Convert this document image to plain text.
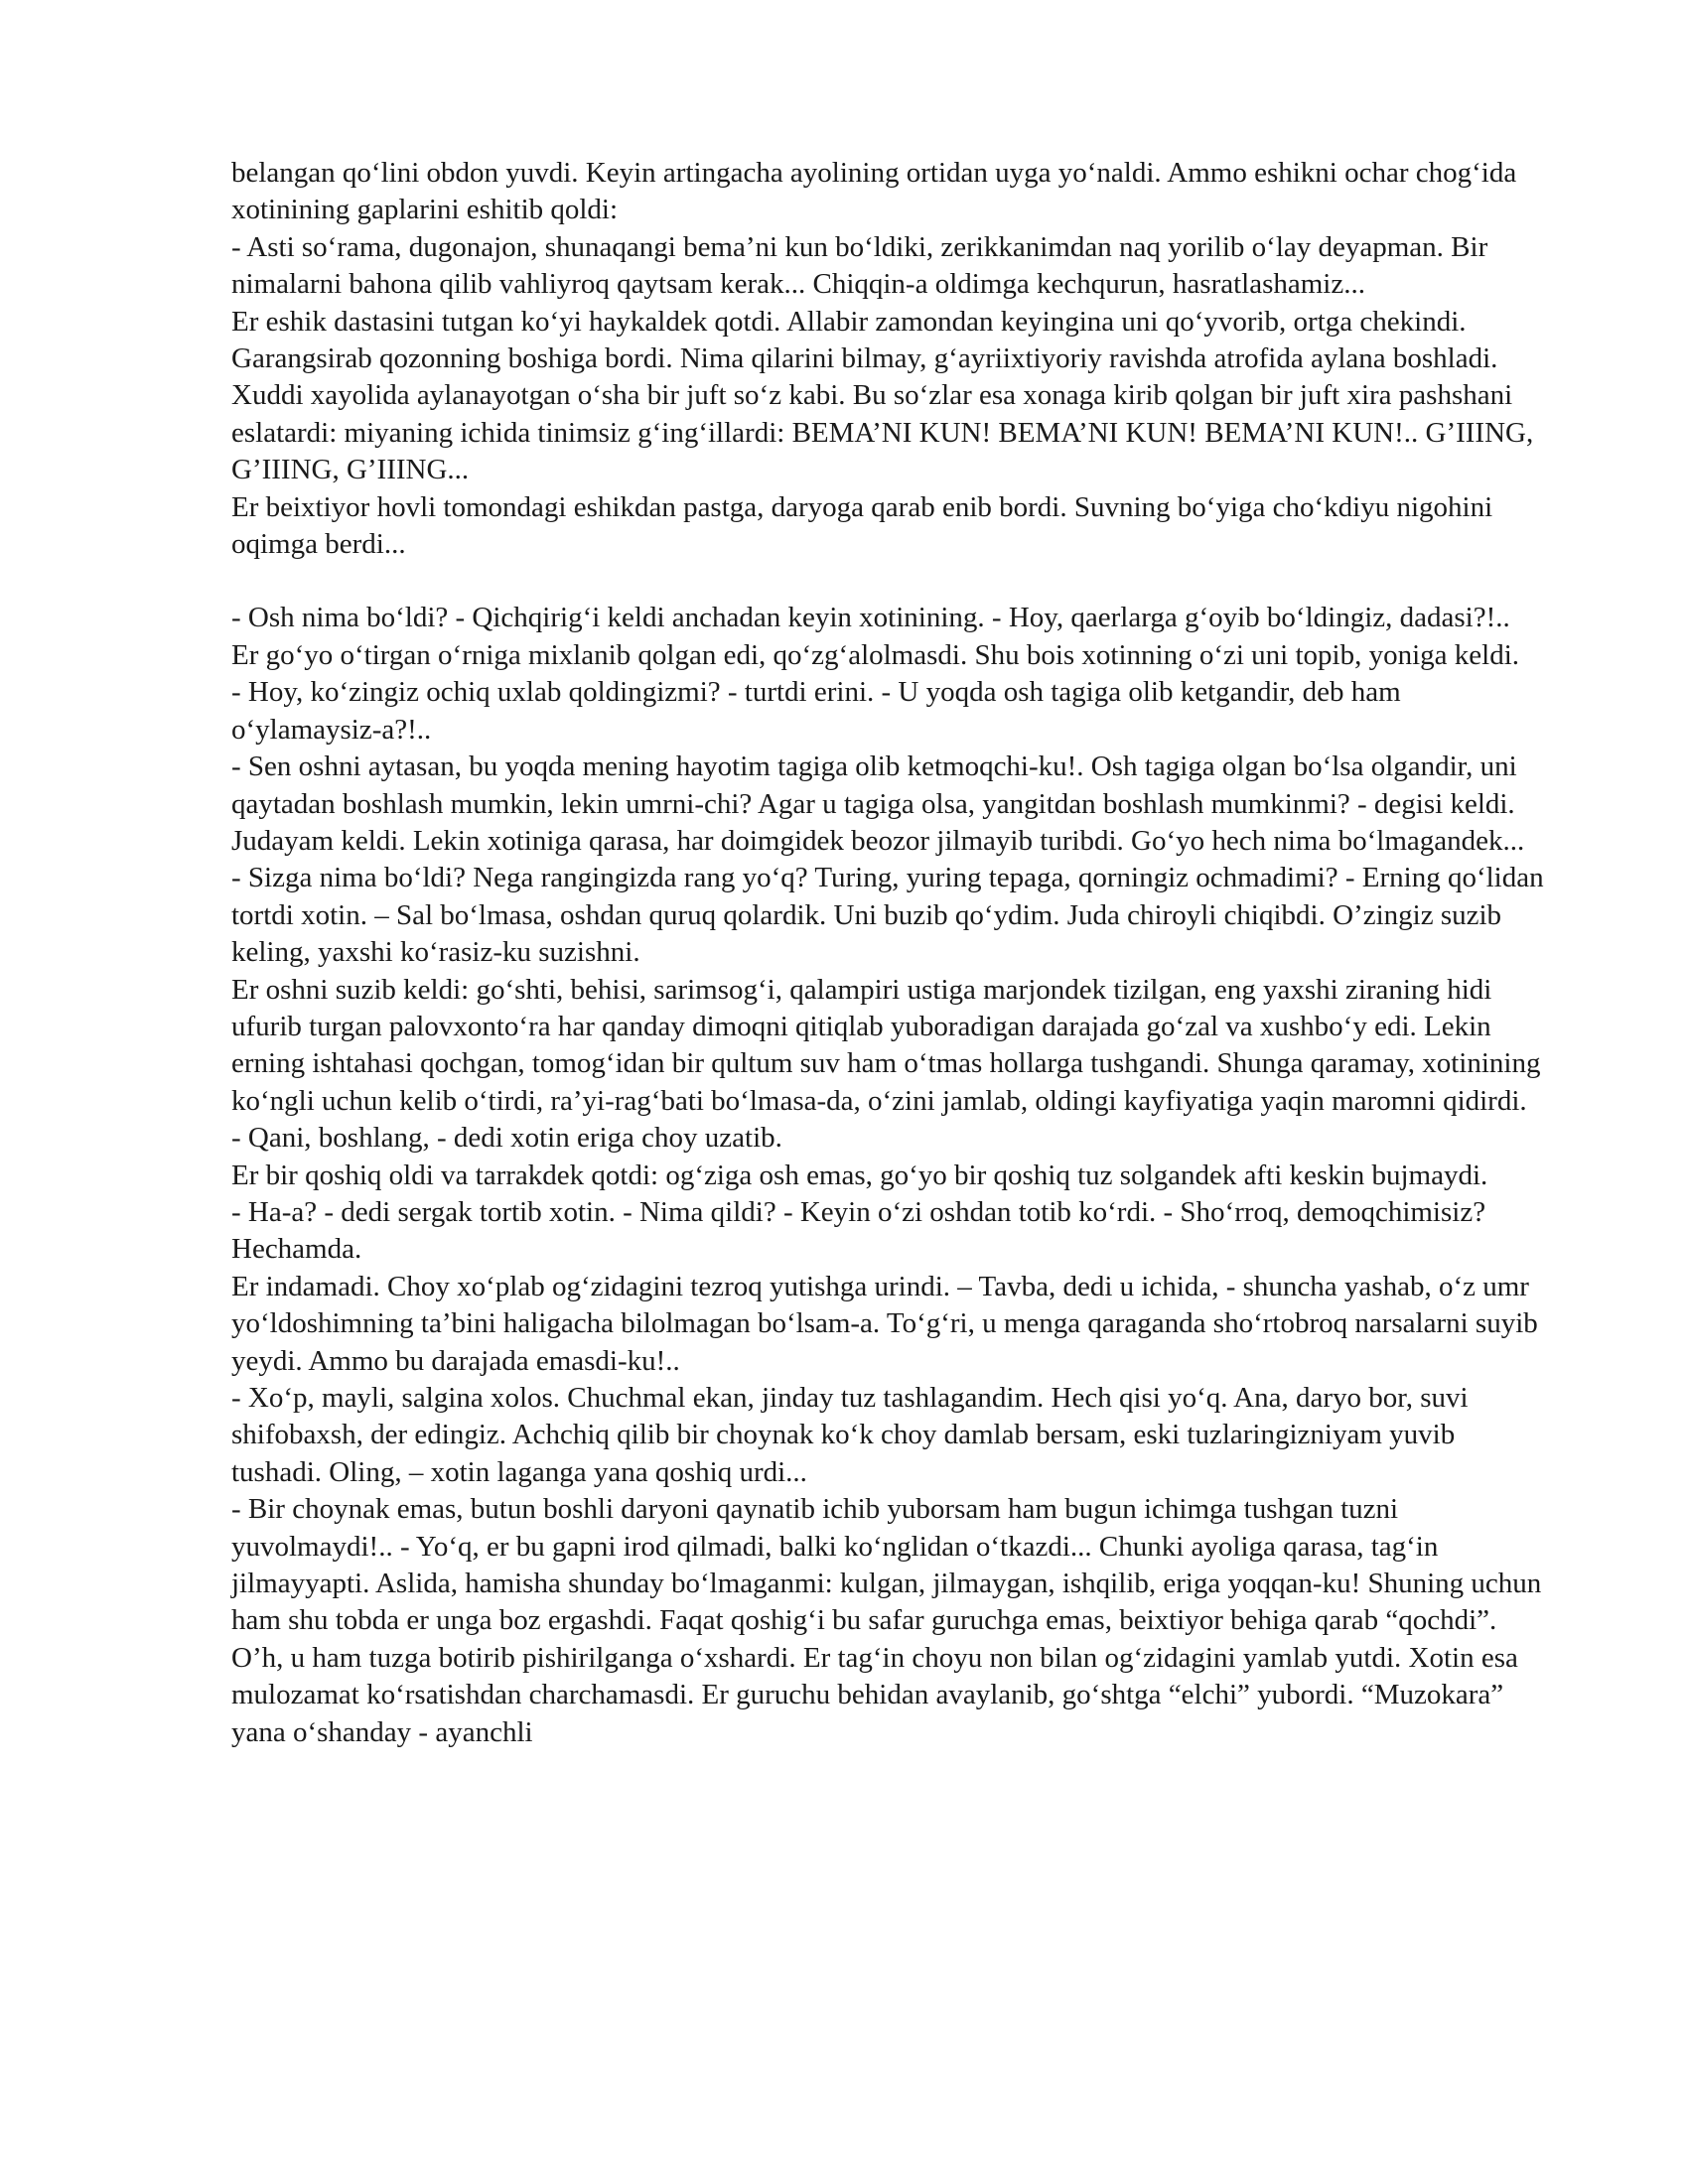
belangan qo‘lini obdon yuvdi. Keyin artingacha ayolining ortidan uyga yo‘naldi. Ammo eshikni ochar chog‘ida xotinining gaplarini eshitib qoldi:

- Asti so‘rama, dugonajon, shunaqangi bema’ni kun bo‘ldiki, zerikkanimdan naq yorilib o‘lay deyapman. Bir nimalarni bahona qilib vahliyroq qaytsam kerak... Chiqqin-a oldimga kechqurun, hasratlashamiz...

Er eshik dastasini tutgan ko‘yi haykaldek qotdi. Allabir zamondan keyingina uni qo‘yvorib, ortga chekindi. Garangsirab qozonning boshiga bordi. Nima qilarini bilmay, g‘ayriixtiyoriy ravishda atrofida aylana boshladi. Xuddi xayolida aylanayotgan o‘sha bir juft so‘z kabi. Bu so‘zlar esa xonaga kirib qolgan bir juft xira pashshani eslatardi: miyaning ichida tinimsiz g‘ing‘illardi: BEMA’NI KUN! BEMA’NI KUN! BEMA’NI KUN!.. G’IIING, G’IIING, G’IIING...

Er beixtiyor hovli tomondagi eshikdan pastga, daryoga qarab enib bordi. Suvning bo‘yiga cho‘kdiyu nigohini oqimga berdi...

- Osh nima bo‘ldi? - Qichqirig‘i keldi anchadan keyin xotinining. - Hoy, qaerlarga g‘oyib bo‘ldingiz, dadasi?!..

Er go‘yo o‘tirgan o‘rniga mixlanib qolgan edi, qo‘zg‘alolmasdi. Shu bois xotinning o‘zi uni topib, yoniga keldi.

- Hoy, ko‘zingiz ochiq uxlab qoldingizmi? - turtdi erini. - U yoqda osh tagiga olib ketgandir, deb ham o‘ylamaysiz-a?!..

- Sen oshni aytasan, bu yoqda mening hayotim tagiga olib ketmoqchi-ku!. Osh tagiga olgan bo‘lsa olgandir, uni qaytadan boshlash mumkin, lekin umrni-chi? Agar u tagiga olsa, yangitdan boshlash mumkinmi? - degisi keldi. Judayam keldi. Lekin xotiniga qarasa, har doimgidek beozor jilmayib turibdi. Go‘yo hech nima bo‘lmagandek...

- Sizga nima bo‘ldi? Nega rangingizda rang yo‘q? Turing, yuring tepaga, qorningiz ochmadimi? - Erning qo‘lidan tortdi xotin. – Sal bo‘lmasa, oshdan quruq qolardik. Uni buzib qo‘ydim. Juda chiroyli chiqibdi. O’zingiz suzib keling, yaxshi ko‘rasiz-ku suzishni.

Er oshni suzib keldi: go‘shti, behisi, sarimsog‘i, qalampiri ustiga marjondek tizilgan, eng yaxshi ziraning hidi ufurib turgan palovxonto‘ra har qanday dimoqni qitiqlab yuboradigan darajada go‘zal va xushbo‘y edi. Lekin erning ishtahasi qochgan, tomog‘idan bir qultum suv ham o‘tmas hollarga tushgandi. Shunga qaramay, xotinining ko‘ngli uchun kelib o‘tirdi, ra’yi-rag‘bati bo‘lmasa-da, o‘zini jamlab, oldingi kayfiyatiga yaqin maromni qidirdi.

- Qani, boshlang, - dedi xotin eriga choy uzatib.

Er bir qoshiq oldi va tarrakdek qotdi: og‘ziga osh emas, go‘yo bir qoshiq tuz solgandek afti keskin bujmaydi.

- Ha-a? - dedi sergak tortib xotin. - Nima qildi? - Keyin o‘zi oshdan totib ko‘rdi. - Sho‘rroq, demoqchimisiz? Hechamda.

Er indamadi. Choy xo‘plab og‘zidagini tezroq yutishga urindi. – Tavba, dedi u ichida, - shuncha yashab, o‘z umr yo‘ldoshimning ta’bini haligacha bilolmagan bo‘lsam-a. To‘g‘ri, u menga qaraganda sho‘rtobroq narsalarni suyib yeydi. Ammo bu darajada emasdi-ku!..

- Xo‘p, mayli, salgina xolos. Chuchmal ekan, jinday tuz tashlagandim. Hech qisi yo‘q. Ana, daryo bor, suvi shifobaxsh, der edingiz. Achchiq qilib bir choynak ko‘k choy damlab bersam, eski tuzlaringizniyam yuvib tushadi. Oling, – xotin laganga yana qoshiq urdi...

- Bir choynak emas, butun boshli daryoni qaynatib ichib yuborsam ham bugun ichimga tushgan tuzni yuvolmaydi!.. - Yo‘q, er bu gapni irod qilmadi, balki ko‘nglidan o‘tkazdi... Chunki ayoliga qarasa, tag‘in jilmayyapti. Aslida, hamisha shunday bo‘lmaganmi: kulgan, jilmaygan, ishqilib, eriga yoqqan-ku! Shuning uchun ham shu tobda er unga boz ergashdi. Faqat qoshig‘i bu safar guruchga emas, beixtiyor behiga qarab “qochdi”. O’h, u ham tuzga botirib pishirilganga o‘xshardi. Er tag‘in choyu non bilan og‘zidagini yamlab yutdi. Xotin esa mulozamat ko‘rsatishdan charchamasdi. Er guruchu behidan avaylanib, go‘shtga “elchi” yubordi. “Muzokara” yana o‘shanday - ayanchli
